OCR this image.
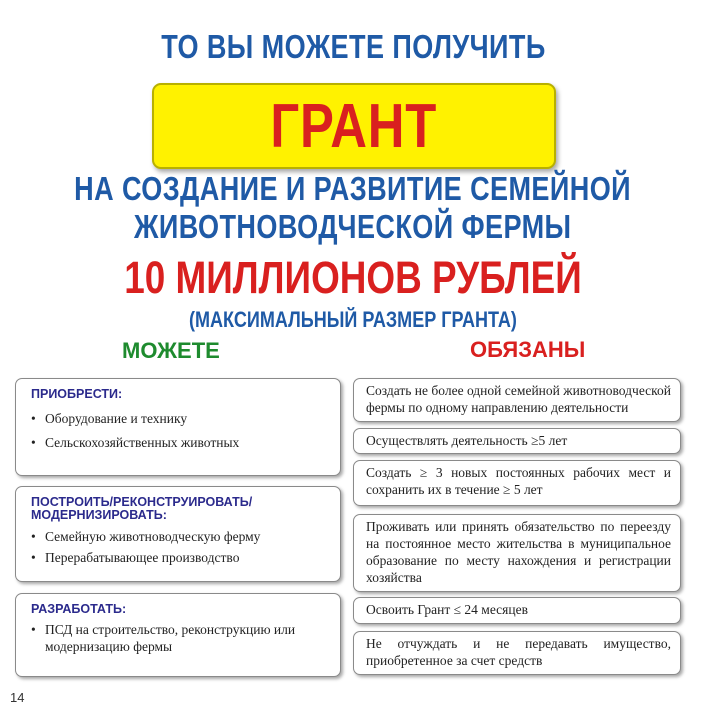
ТО ВЫ МОЖЕТЕ ПОЛУЧИТЬ
ГРАНТ
НА СОЗДАНИЕ И РАЗВИТИЕ СЕМЕЙНОЙ
ЖИВОТНОВОДЧЕСКОЙ ФЕРМЫ
10 МИЛЛИОНОВ РУБЛЕЙ
(МАКСИМАЛЬНЫЙ РАЗМЕР ГРАНТА)
МОЖЕТЕ	ОБЯЗАНЫ
ПРИОБРЕСТИ:
• Оборудование и технику
• Сельскохозяйственных животных
ПОСТРОИТЬ/РЕКОНСТРУИРОВАТЬ/ МОДЕРНИЗИРОВАТЬ:
• Семейную животноводческую ферму
• Перерабатывающее производство
РАЗРАБОТАТЬ:
• ПСД на строительство, реконструкцию или модернизацию фермы
Создать не более одной семейной животноводческой фермы по одному направлению деятельности
Осуществлять деятельность ≥5 лет
Создать ≥ 3 новых постоянных рабочих мест и сохранить их в течение ≥ 5 лет
Проживать или принять обязательство по переезду на постоянное место жительства в муниципальное образование по месту нахождения и регистрации хозяйства
Освоить Грант ≤ 24 месяцев
Не отчуждать и не передавать имущество, приобретенное за счет средств
14
